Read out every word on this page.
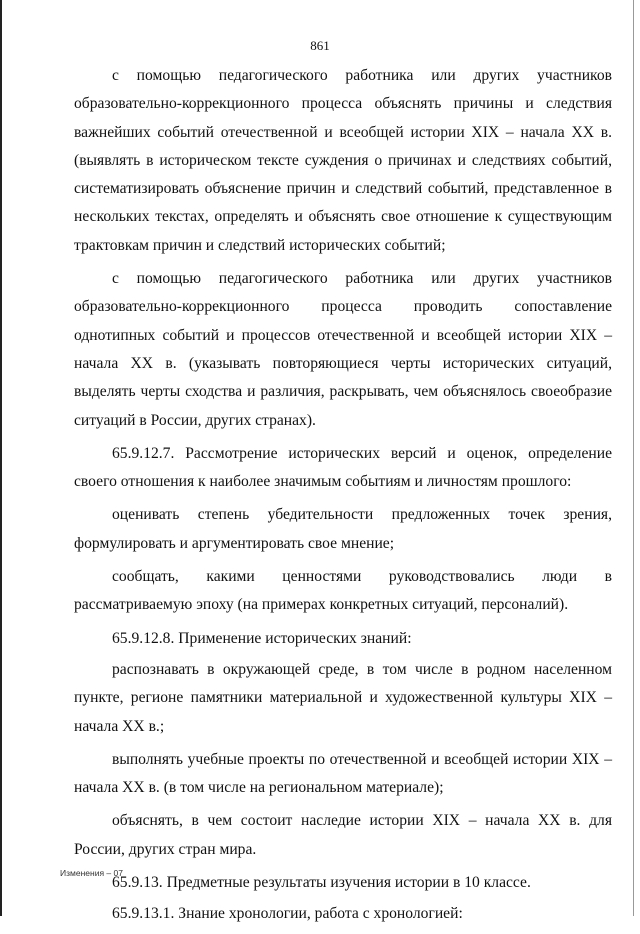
861

с помощью педагогического работника или других участников образовательно-коррекционного процесса объяснять причины и следствия важнейших событий отечественной и всеобщей истории XIX – начала XX в. (выявлять в историческом тексте суждения о причинах и следствиях событий, систематизировать объяснение причин и следствий событий, представленное в нескольких текстах, определять и объяснять свое отношение к существующим трактовкам причин и следствий исторических событий;

с помощью педагогического работника или других участников образовательно-коррекционного процесса проводить сопоставление однотипных событий и процессов отечественной и всеобщей истории XIX – начала XX в. (указывать повторяющиеся черты исторических ситуаций, выделять черты сходства и различия, раскрывать, чем объяснялось своеобразие ситуаций в России, других странах).

65.9.12.7. Рассмотрение исторических версий и оценок, определение своего отношения к наиболее значимым событиям и личностям прошлого:

оценивать степень убедительности предложенных точек зрения, формулировать и аргументировать свое мнение;

сообщать, какими ценностями руководствовались люди в рассматриваемую эпоху (на примерах конкретных ситуаций, персоналий).

65.9.12.8. Применение исторических знаний:

распознавать в окружающей среде, в том числе в родном населенном пункте, регионе памятники материальной и художественной культуры XIX – начала XX в.;

выполнять учебные проекты по отечественной и всеобщей истории XIX – начала XX в. (в том числе на региональном материале);

объяснять, в чем состоит наследие истории XIX – начала XX в. для России, других стран мира.

65.9.13. Предметные результаты изучения истории в 10 классе.

65.9.13.1. Знание хронологии, работа с хронологией:

Изменения – 07
